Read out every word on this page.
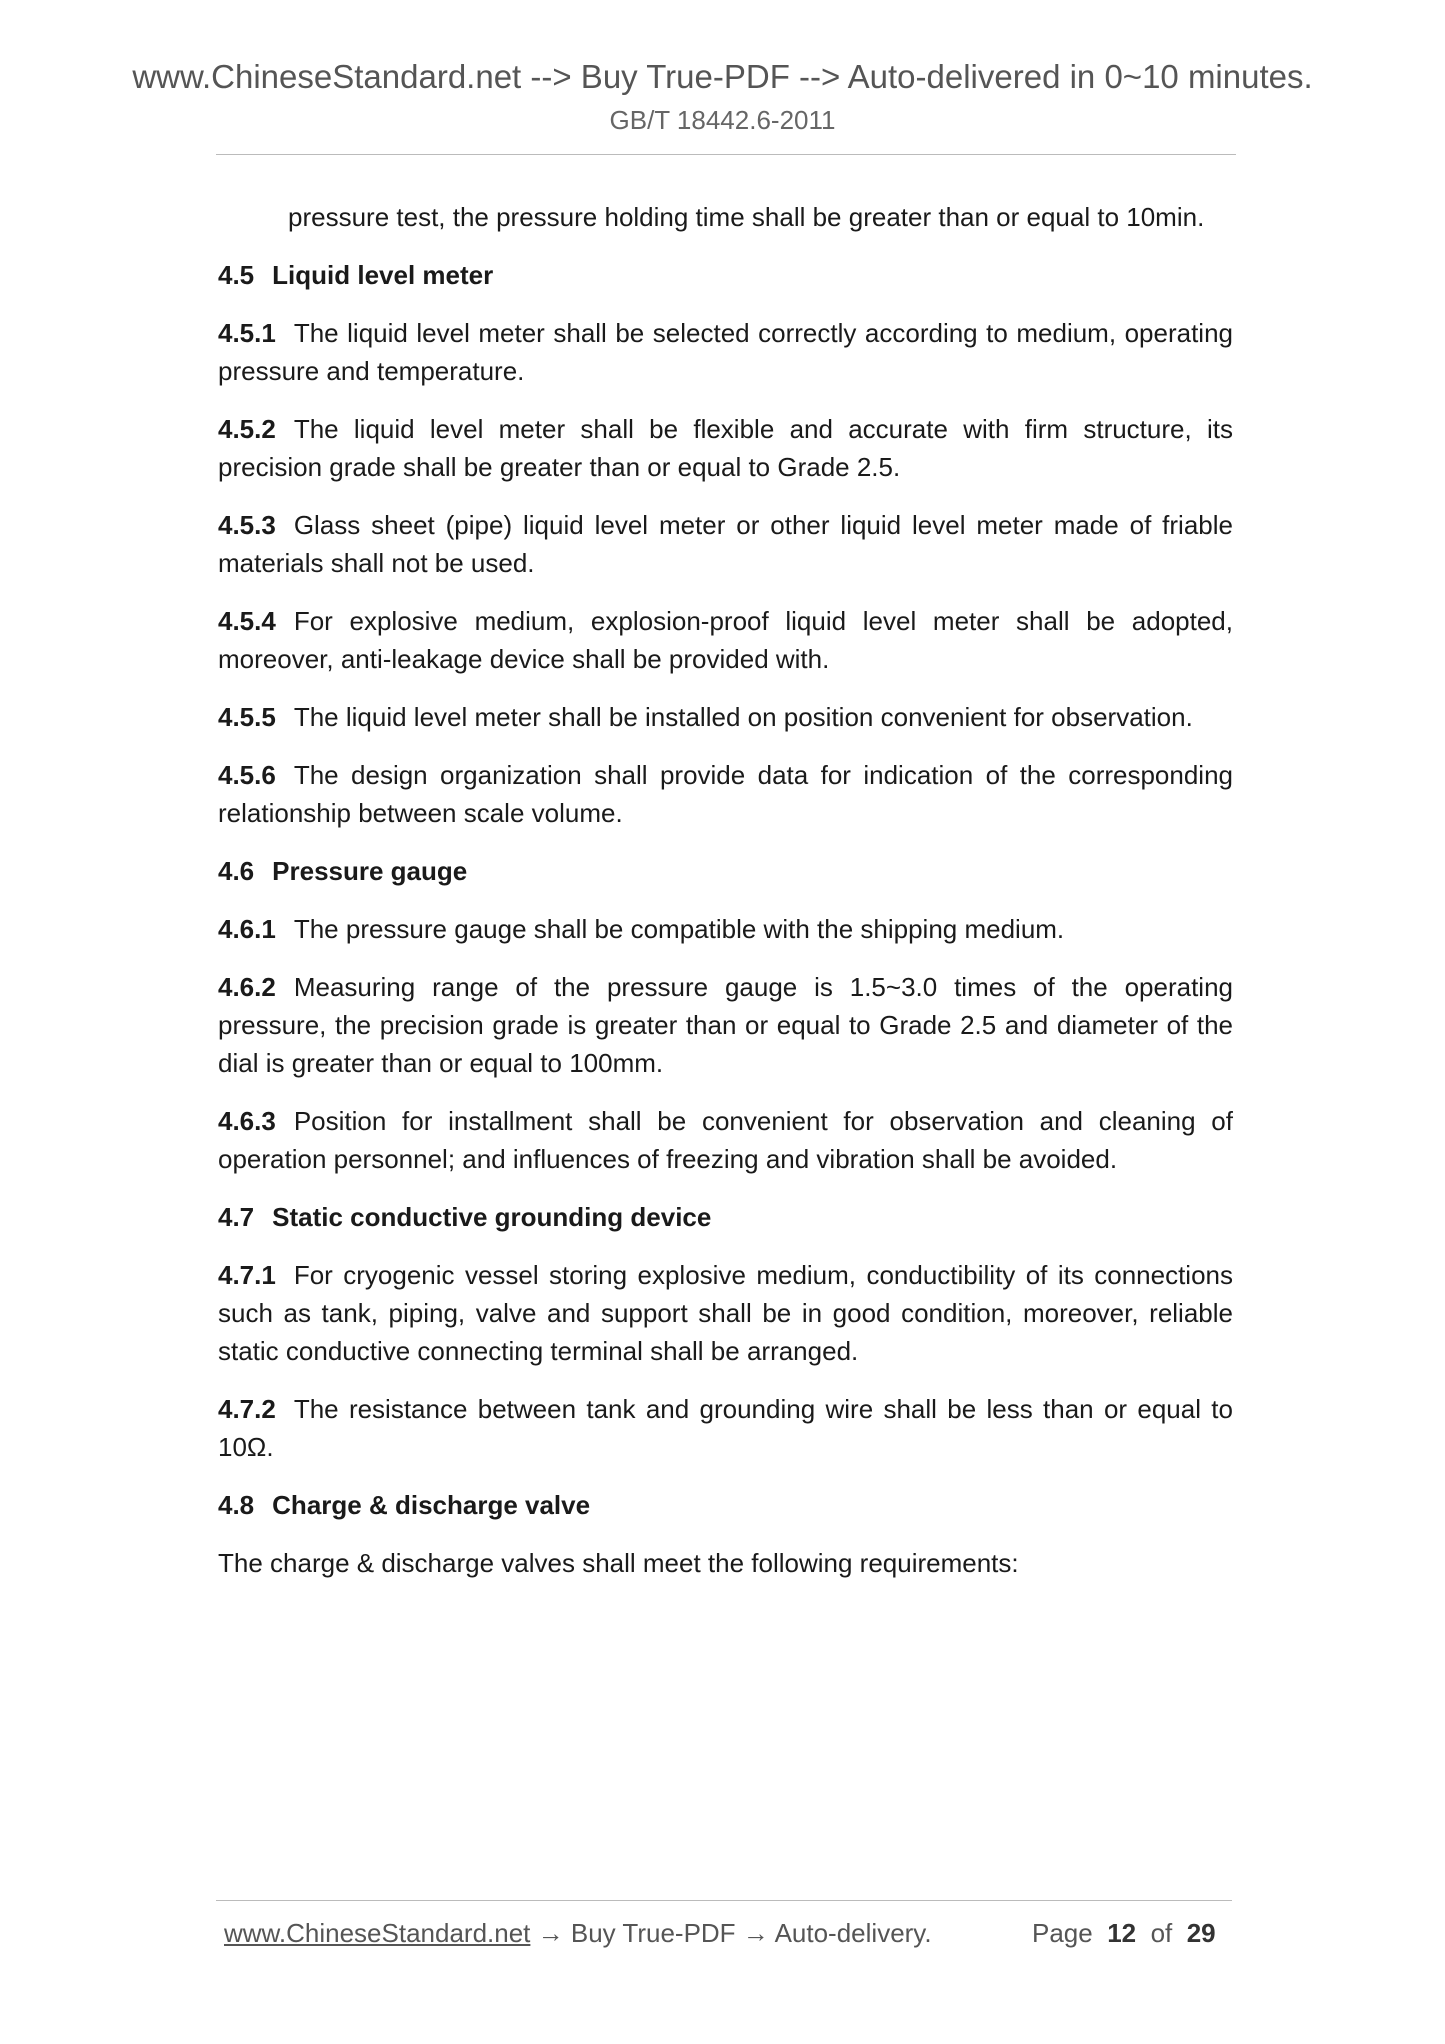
www.ChineseStandard.net --> Buy True-PDF --> Auto-delivered in 0~10 minutes.
GB/T 18442.6-2011

pressure test, the pressure holding time shall be greater than or equal to 10min.

4.5 Liquid level meter

4.5.1 The liquid level meter shall be selected correctly according to medium, operating pressure and temperature.

4.5.2 The liquid level meter shall be flexible and accurate with firm structure, its precision grade shall be greater than or equal to Grade 2.5.

4.5.3 Glass sheet (pipe) liquid level meter or other liquid level meter made of friable materials shall not be used.

4.5.4 For explosive medium, explosion-proof liquid level meter shall be adopted, moreover, anti-leakage device shall be provided with.

4.5.5 The liquid level meter shall be installed on position convenient for observation.

4.5.6 The design organization shall provide data for indication of the corresponding relationship between scale volume.

4.6 Pressure gauge

4.6.1 The pressure gauge shall be compatible with the shipping medium.

4.6.2 Measuring range of the pressure gauge is 1.5~3.0 times of the operating pressure, the precision grade is greater than or equal to Grade 2.5 and diameter of the dial is greater than or equal to 100mm.

4.6.3 Position for installment shall be convenient for observation and cleaning of operation personnel; and influences of freezing and vibration shall be avoided.

4.7 Static conductive grounding device

4.7.1 For cryogenic vessel storing explosive medium, conductibility of its connections such as tank, piping, valve and support shall be in good condition, moreover, reliable static conductive connecting terminal shall be arranged.

4.7.2 The resistance between tank and grounding wire shall be less than or equal to 10Ω.

4.8 Charge & discharge valve

The charge & discharge valves shall meet the following requirements:

www.ChineseStandard.net → Buy True-PDF → Auto-delivery.	Page 12 of 29
